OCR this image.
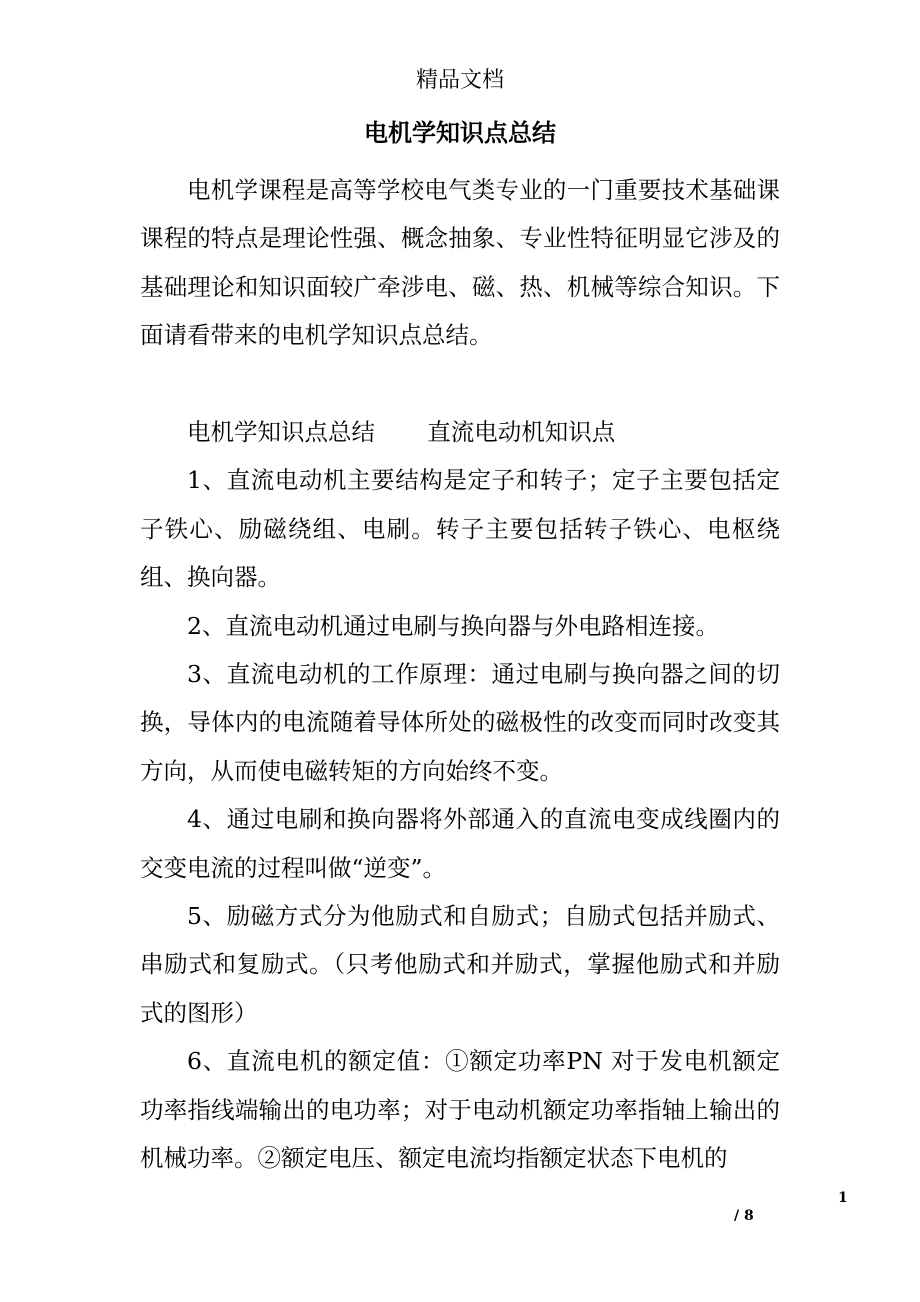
精品文档
电机学知识点总结

电机学课程是高等学校电气类专业的一门重要技术基础课课程的特点是理论性强、概念抽象、专业性特征明显它涉及的基础理论和知识面较广牵涉电、磁、热、机械等综合知识。下面请看带来的电机学知识点总结。

电机学知识点总结 直流电动机知识点

1、直流电动机主要结构是定子和转子；定子主要包括定子铁心、励磁绕组、电刷。转子主要包括转子铁心、电枢绕组、换向器。

2、直流电动机通过电刷与换向器与外电路相连接。

3、直流电动机的工作原理：通过电刷与换向器之间的切换，导体内的电流随着导体所处的磁极性的改变而同时改变其方向，从而使电磁转矩的方向始终不变。

4、通过电刷和换向器将外部通入的直流电变成线圈内的交变电流的过程叫做“逆变”。

5、励磁方式分为他励式和自励式；自励式包括并励式、串励式和复励式。（只考他励式和并励式，掌握他励式和并励式的图形）

6、直流电机的额定值：①额定功率PN 对于发电机额定功率指线端输出的电功率；对于电动机额定功率指轴上输出的机械功率。②额定电压、额定电流均指额定状态下电机的

1
/ 8
